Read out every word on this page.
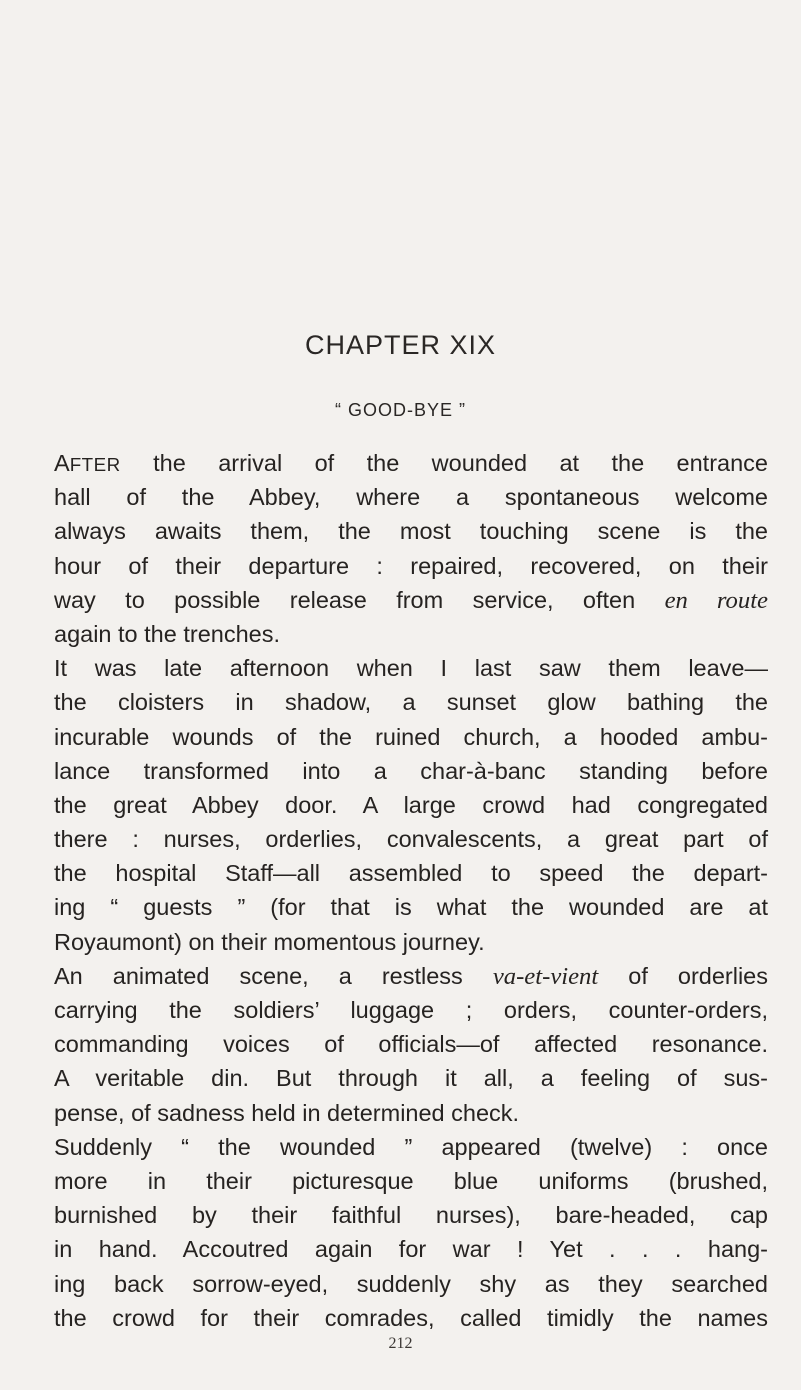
CHAPTER XIX
“ GOOD-BYE ”
AFTER the arrival of the wounded at the entrance
hall of the Abbey, where a spontaneous welcome
always awaits them, the most touching scene is the
hour of their departure : repaired, recovered, on their
way to possible release from service, often en route
again to the trenches.
It was late afternoon when I last saw them leave—
the cloisters in shadow, a sunset glow bathing the
incurable wounds of the ruined church, a hooded ambu-
lance transformed into a char-à-banc standing before
the great Abbey door. A large crowd had congregated
there : nurses, orderlies, convalescents, a great part of
the hospital Staff—all assembled to speed the depart-
ing “ guests ” (for that is what the wounded are at
Royaumont) on their momentous journey.
An animated scene, a restless va-et-vient of orderlies
carrying the soldiers’ luggage ; orders, counter-orders,
commanding voices of officials—of affected resonance.
A veritable din. But through it all, a feeling of sus-
pense, of sadness held in determined check.
Suddenly “ the wounded ” appeared (twelve) : once
more in their picturesque blue uniforms (brushed,
burnished by their faithful nurses), bare-headed, cap
in hand. Accoutred again for war ! Yet . . . hang-
ing back sorrow-eyed, suddenly shy as they searched
the crowd for their comrades, called timidly the names
212
